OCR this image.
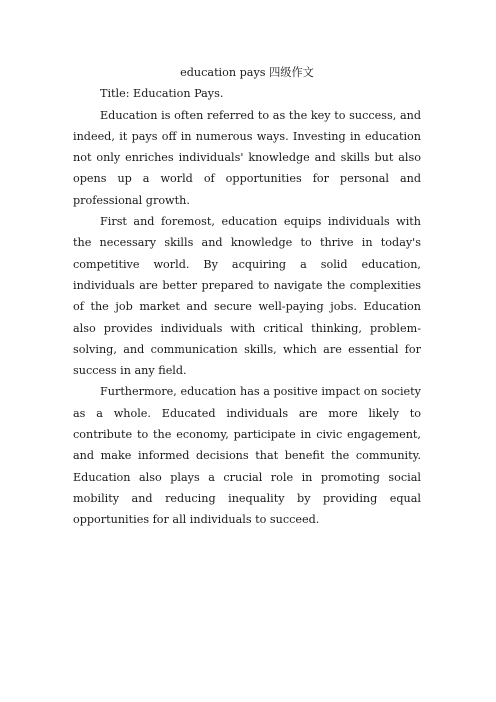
education pays 四级作文

Title: Education Pays.

Education is often referred to as the key to success, and indeed, it pays off in numerous ways. Investing in education not only enriches individuals' knowledge and skills but also opens up a world of opportunities for personal and professional growth.

First and foremost, education equips individuals with the necessary skills and knowledge to thrive in today's competitive world. By acquiring a solid education, individuals are better prepared to navigate the complexities of the job market and secure well-paying jobs. Education also provides individuals with critical thinking, problem-solving, and communication skills, which are essential for success in any field.

Furthermore, education has a positive impact on society as a whole. Educated individuals are more likely to contribute to the economy, participate in civic engagement, and make informed decisions that benefit the community. Education also plays a crucial role in promoting social mobility and reducing inequality by providing equal opportunities for all individuals to succeed.
